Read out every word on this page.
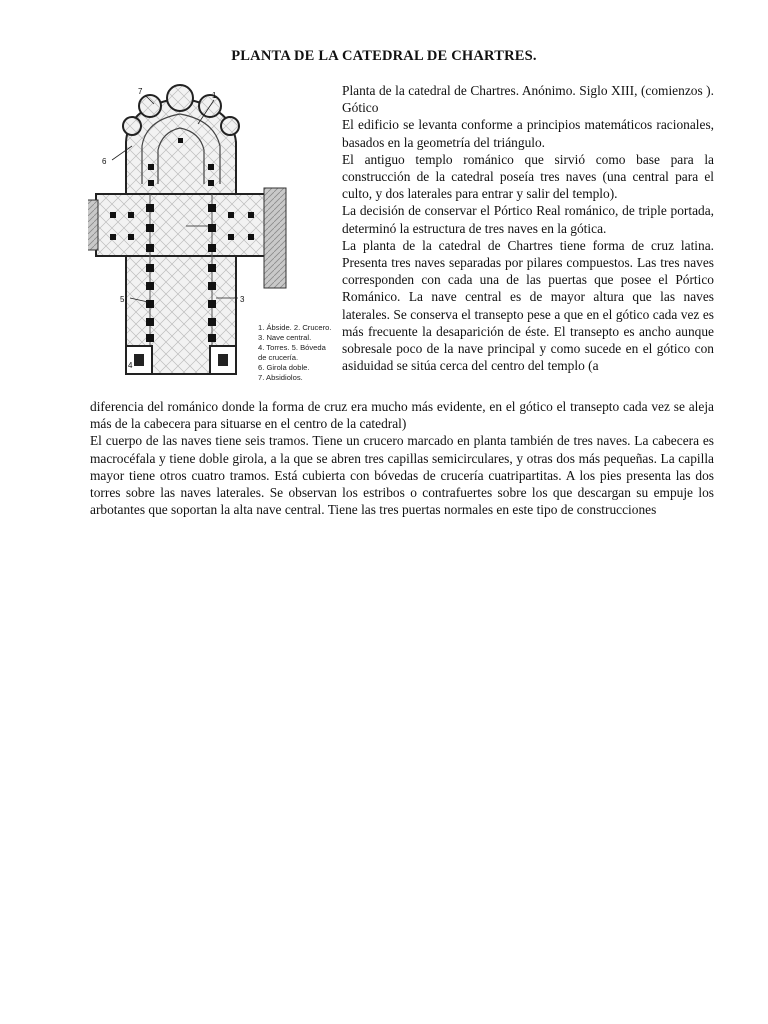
PLANTA DE LA CATEDRAL DE CHARTRES.
7	1
6
2
5	3
4
1. Ábside. 2. Crucero.
3. Nave central.
4. Torres. 5. Bóveda
de crucería.
6. Girola doble.
7. Absidiolos.

Planta de la catedral de Chartres. Anónimo. Siglo XIII, (comienzos ). Gótico

El edificio se levanta conforme a principios matemáticos racionales, basados en la geometría del triángulo.

El antiguo templo románico que sirvió como base para la construcción de la catedral poseía tres naves (una central para el culto, y dos laterales para entrar y salir del templo).

La decisión de conservar el Pórtico Real románico, de triple portada, determinó la estructura de tres naves en la gótica.

La planta de la catedral de Chartres tiene forma de cruz latina. Presenta tres naves separadas por pilares compuestos. Las tres naves corresponden con cada una de las puertas que posee el Pórtico Románico. La nave central es de mayor altura que las naves laterales. Se conserva el transepto pese a que en el gótico cada vez es más frecuente la desaparición de éste. El transepto es ancho aunque sobresale poco de la nave principal y como sucede en el gótico con asiduidad se sitúa cerca del centro del templo (a

diferencia del románico donde la forma de cruz era mucho más evidente, en el gótico el transepto cada vez se aleja más de la cabecera para situarse en el centro de la catedral)

El cuerpo de las naves tiene seis tramos. Tiene un crucero marcado en planta también de tres naves. La cabecera es macrocéfala y tiene doble girola, a la que se abren tres capillas semicirculares, y otras dos más pequeñas. La capilla mayor tiene otros cuatro tramos. Está cubierta con bóvedas de crucería cuatripartitas. A los pies presenta las dos torres sobre las naves laterales. Se observan los estribos o contrafuertes sobre los que descargan su empuje los arbotantes que soportan la alta nave central. Tiene las tres puertas normales en este tipo de construcciones
